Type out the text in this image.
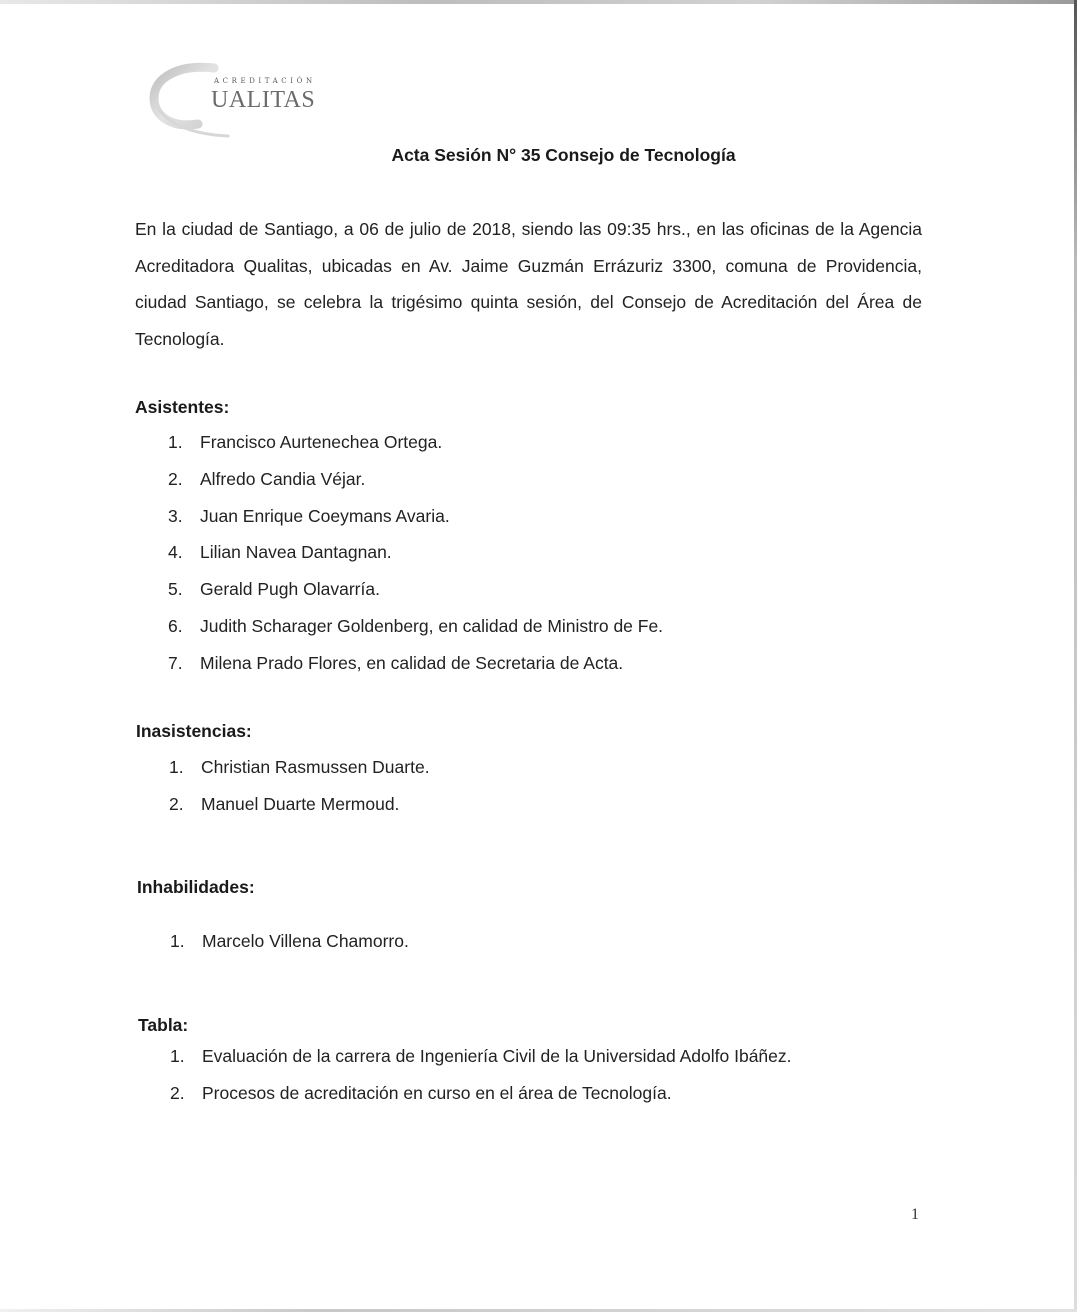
ACREDITACIÓN
UALITAS
Acta Sesión N° 35 Consejo de Tecnología

En la ciudad de Santiago, a 06 de julio de 2018, siendo las 09:35 hrs., en las oficinas de la Agencia Acreditadora Qualitas, ubicadas en Av. Jaime Guzmán Errázuriz 3300, comuna de Providencia, ciudad Santiago, se celebra la trigésimo quinta sesión, del Consejo de Acreditación del Área de Tecnología.

Asistentes:
1. Francisco Aurtenechea Ortega.
2. Alfredo Candia Véjar.
3. Juan Enrique Coeymans Avaria.
4. Lilian Navea Dantagnan.
5. Gerald Pugh Olavarría.
6. Judith Scharager Goldenberg, en calidad de Ministro de Fe.
7. Milena Prado Flores, en calidad de Secretaria de Acta.
Inasistencias:
1. Christian Rasmussen Duarte.
2. Manuel Duarte Mermoud.
Inhabilidades:
1. Marcelo Villena Chamorro.
Tabla:
1. Evaluación de la carrera de Ingeniería Civil de la Universidad Adolfo Ibáñez.
2. Procesos de acreditación en curso en el área de Tecnología.
1
